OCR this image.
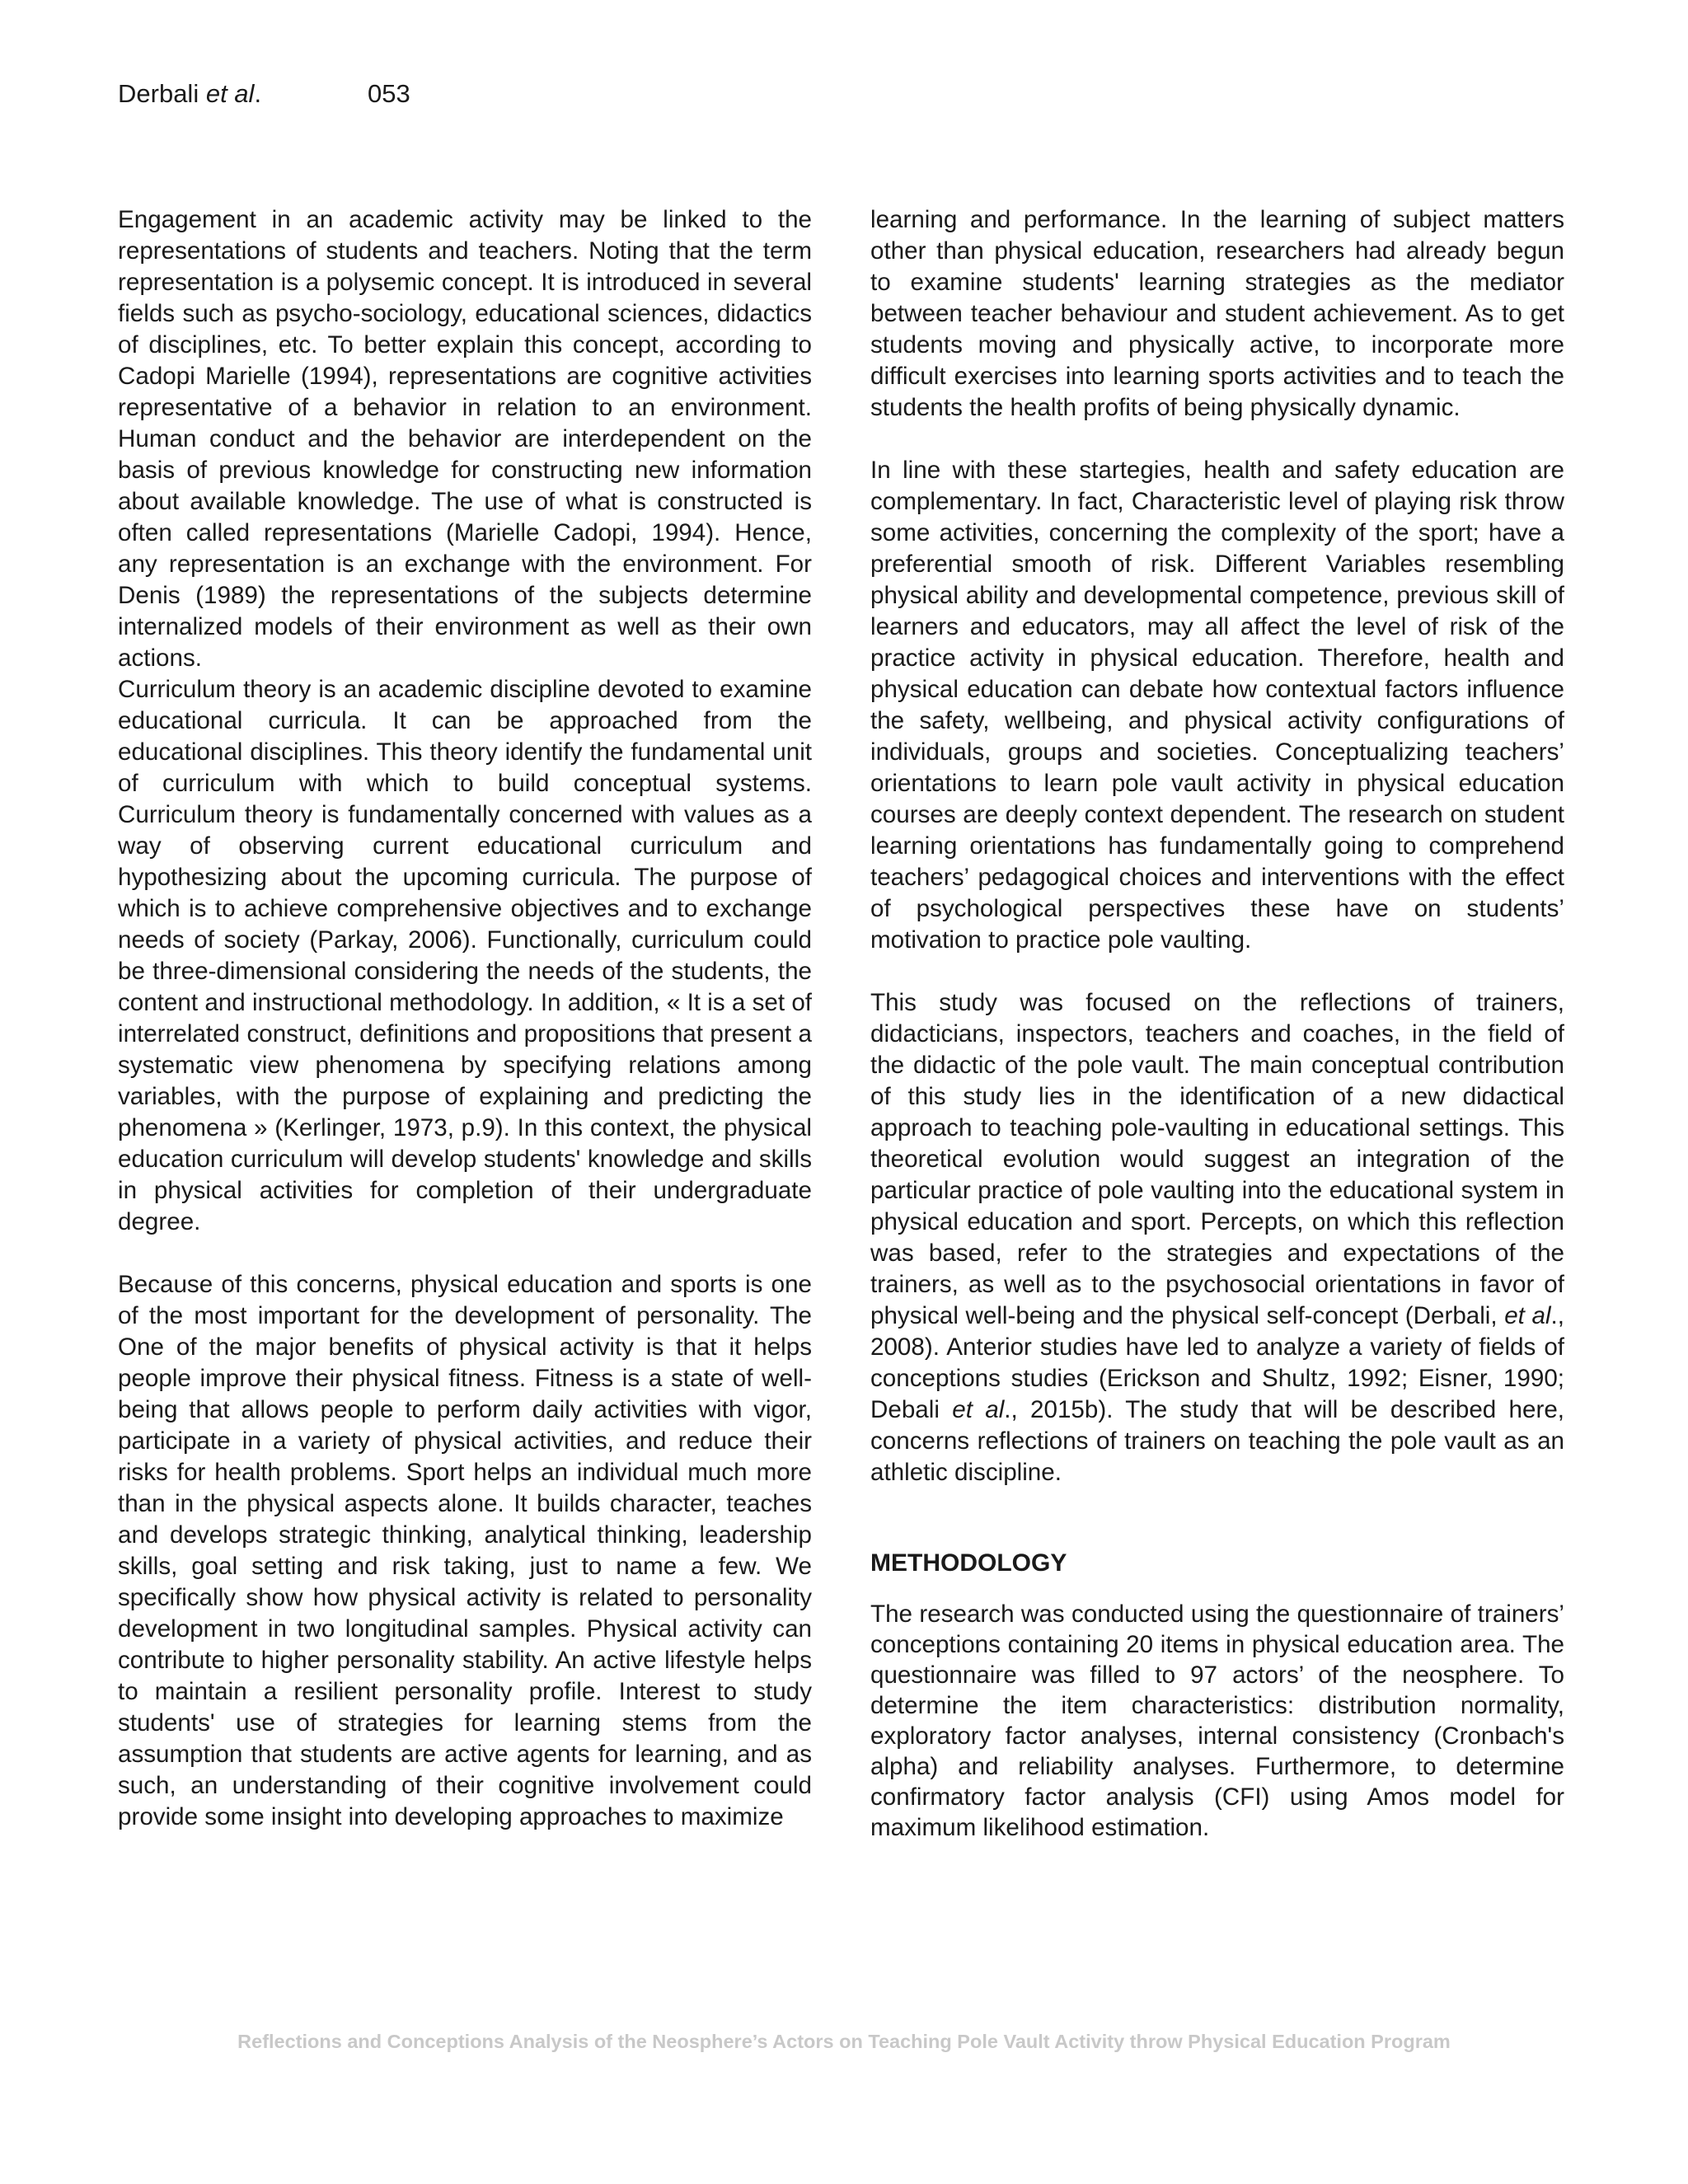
Derbali et al.	053

Engagement in an academic activity may be linked to the representations of students and teachers. Noting that the term representation is a polysemic concept. It is introduced in several fields such as psycho-sociology, educational sciences, didactics of disciplines, etc. To better explain this concept, according to Cadopi Marielle (1994), representations are cognitive activities representative of a behavior in relation to an environment. Human conduct and the behavior are interdependent on the basis of previous knowledge for constructing new information about available knowledge. The use of what is constructed is often called representations (Marielle Cadopi, 1994). Hence, any representation is an exchange with the environment. For Denis (1989) the representations of the subjects determine internalized models of their environment as well as their own actions.

Curriculum theory is an academic discipline devoted to examine educational curricula. It can be approached from the educational disciplines. This theory identify the fundamental unit of curriculum with which to build conceptual systems. Curriculum theory is fundamentally concerned with values as a way of observing current educational curriculum and hypothesizing about the upcoming curricula. The purpose of which is to achieve comprehensive objectives and to exchange needs of society (Parkay, 2006). Functionally, curriculum could be three-dimensional considering the needs of the students, the content and instructional methodology. In addition, « It is a set of interrelated construct, definitions and propositions that present a systematic view phenomena by specifying relations among variables, with the purpose of explaining and predicting the phenomena » (Kerlinger, 1973, p.9). In this context, the physical education curriculum will develop students' knowledge and skills in physical activities for completion of their undergraduate degree.

Because of this concerns, physical education and sports is one of the most important for the development of personality. The One of the major benefits of physical activity is that it helps people improve their physical fitness. Fitness is a state of well-being that allows people to perform daily activities with vigor, participate in a variety of physical activities, and reduce their risks for health problems. Sport helps an individual much more than in the physical aspects alone. It builds character, teaches and develops strategic thinking, analytical thinking, leadership skills, goal setting and risk taking, just to name a few. We specifically show how physical activity is related to personality development in two longitudinal samples. Physical activity can contribute to higher personality stability. An active lifestyle helps to maintain a resilient personality profile. Interest to study students' use of strategies for learning stems from the assumption that students are active agents for learning, and as such, an understanding of their cognitive involvement could provide some insight into developing approaches to maximize

learning and performance. In the learning of subject matters other than physical education, researchers had already begun to examine students' learning strategies as the mediator between teacher behaviour and student achievement. As to get students moving and physically active, to incorporate more difficult exercises into learning sports activities and to teach the students the health profits of being physically dynamic.

In line with these startegies, health and safety education are complementary. In fact, Characteristic level of playing risk throw some activities, concerning the complexity of the sport; have a preferential smooth of risk. Different Variables resembling physical ability and developmental competence, previous skill of learners and educators, may all affect the level of risk of the practice activity in physical education. Therefore, health and physical education can debate how contextual factors influence the safety, wellbeing, and physical activity configurations of individuals, groups and societies. Conceptualizing teachers’ orientations to learn pole vault activity in physical education courses are deeply context dependent. The research on student learning orientations has fundamentally going to comprehend teachers’ pedagogical choices and interventions with the effect of psychological perspectives these have on students’ motivation to practice pole vaulting.

This study was focused on the reflections of trainers, didacticians, inspectors, teachers and coaches, in the field of the didactic of the pole vault. The main conceptual contribution of this study lies in the identification of a new didactical approach to teaching pole-vaulting in educational settings. This theoretical evolution would suggest an integration of the particular practice of pole vaulting into the educational system in physical education and sport. Percepts, on which this reflection was based, refer to the strategies and expectations of the trainers, as well as to the psychosocial orientations in favor of physical well-being and the physical self-concept (Derbali, et al., 2008). Anterior studies have led to analyze a variety of fields of conceptions studies (Erickson and Shultz, 1992; Eisner, 1990; Debali et al., 2015b). The study that will be described here, concerns reflections of trainers on teaching the pole vault as an athletic discipline.

METHODOLOGY

The research was conducted using the questionnaire of trainers’ conceptions containing 20 items in physical education area. The questionnaire was filled to 97 actors’ of the neosphere. To determine the item characteristics: distribution normality, exploratory factor analyses, internal consistency (Cronbach's alpha) and reliability analyses. Furthermore, to determine confirmatory factor analysis (CFI) using Amos model for maximum likelihood estimation.

Reflections and Conceptions Analysis of the Neosphere’s Actors on Teaching Pole Vault Activity throw Physical Education Program
